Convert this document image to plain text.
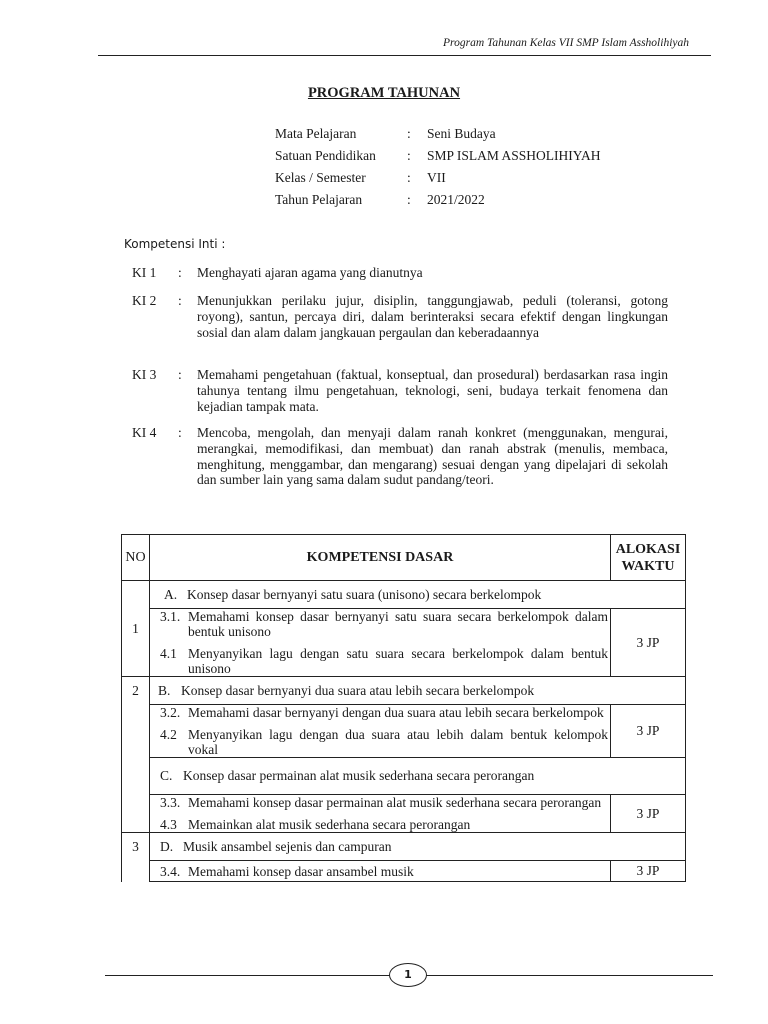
Program Tahunan Kelas VII SMP Islam Assholihiyah
PROGRAM TAHUNAN
Mata Pelajaran	: Seni Budaya
Satuan Pendidikan : SMP ISLAM ASSHOLIHIYAH
Kelas / Semester	: VII
Tahun Pelajaran	: 2021/2022
Kompetensi Inti :
KI 1 : Menghayati ajaran agama yang dianutnya
KI 2 : Menunjukkan perilaku jujur, disiplin, tanggungjawab, peduli (toleransi, gotong royong), santun, percaya diri, dalam berinteraksi secara efektif dengan lingkungan sosial dan alam dalam jangkauan pergaulan dan keberadaannya
KI 3 : Memahami pengetahuan (faktual, konseptual, dan prosedural) berdasarkan rasa ingin tahunya tentang ilmu pengetahuan, teknologi, seni, budaya terkait fenomena dan kejadian tampak mata.
KI 4 : Mencoba, mengolah, dan menyaji dalam ranah konkret (menggunakan, mengurai, merangkai, memodifikasi, dan membuat) dan ranah abstrak (menulis, membaca, menghitung, menggambar, dan mengarang) sesuai dengan yang dipelajari di sekolah dan sumber lain yang sama dalam sudut pandang/teori.
NO	KOMPETENSI DASAR	ALOKASI
WAKTU
1	A. Konsep dasar bernyanyi satu suara (unisono) secara berkelompok	

	3.1. Memahami konsep dasar bernyanyi satu suara secara berkelompok dalam bentuk unisono
4.1 Menyanyikan lagu dengan satu suara secara berkelompok dalam bentuk unisono	3 JP
2	B. Konsep dasar bernyanyi dua suara atau lebih secara berkelompok	

	3.2. Memahami dasar bernyanyi dengan dua suara atau lebih secara berkelompok
4.2 Menyanyikan lagu dengan dua suara atau lebih dalam bentuk kelompok vokal	3 JP

	C. Konsep dasar permainan alat musik sederhana secara perorangan	

	3.3. Memahami konsep dasar permainan alat musik sederhana secara perorangan
4.3 Memainkan alat musik sederhana secara perorangan	3 JP
3	D. Musik ansambel sejenis dan campuran	

	3.4. Memahami konsep dasar ansambel musik	3 JP
1
